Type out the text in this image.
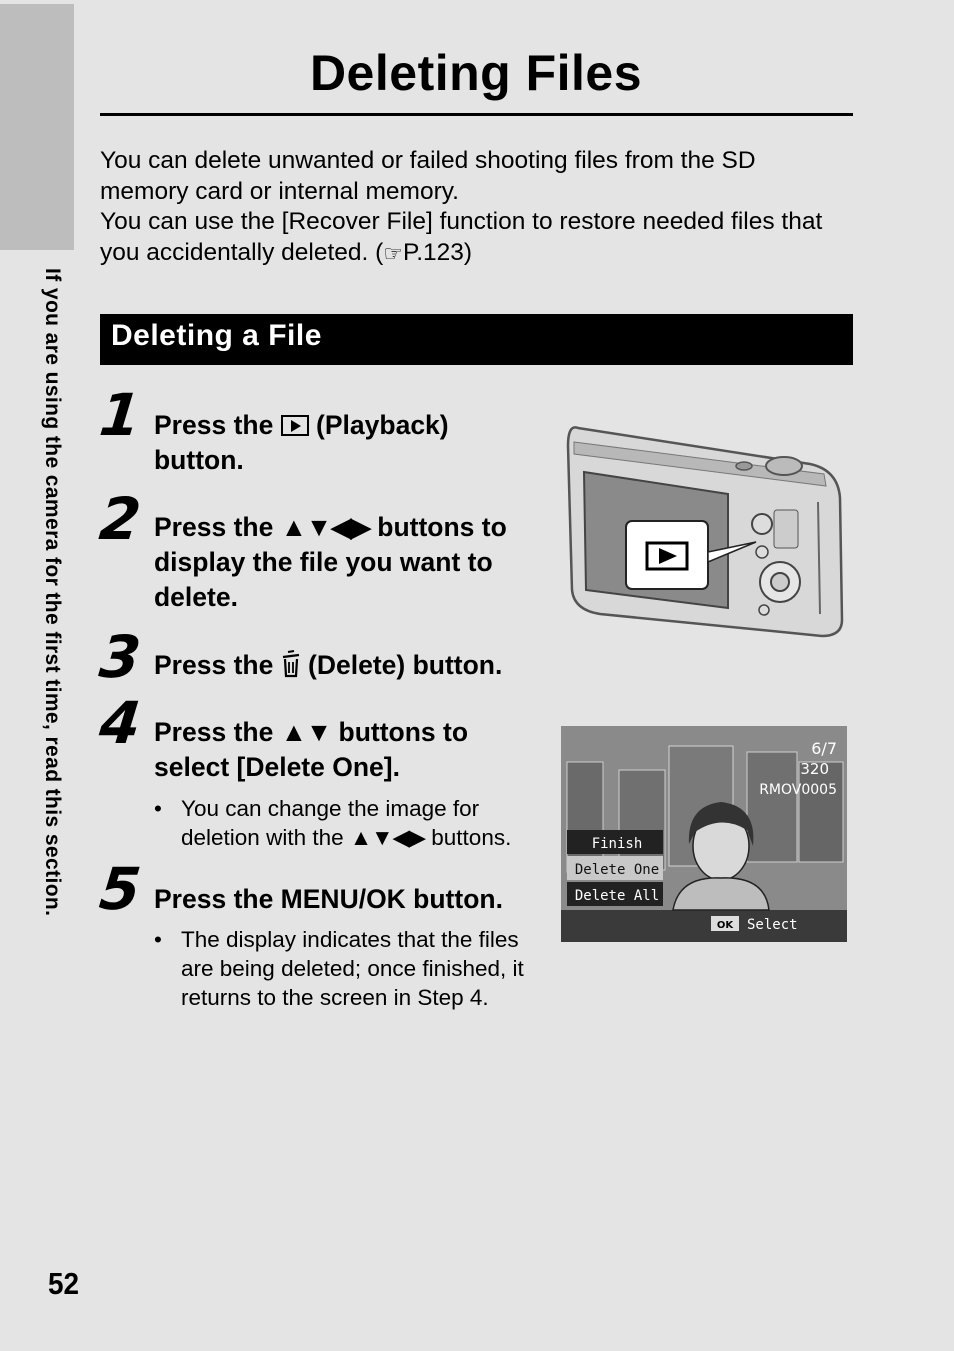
If you are using the camera for the first time, read this section.
Deleting Files

You can delete unwanted or failed shooting files from the SD

memory card or internal memory.

You can use the [Recover File] function to restore needed files that

you accidentally deleted. (☞P.123)

Deleting a File
1 Press the  (Playback)

button.

2 Press the ▲▼◀▶ buttons to

display the file you want to

delete.

3 Press the  (Delete) button.

4 Press the ▲▼ buttons to

select [Delete One].

• You can change the image for
deletion with the ▲▼◀▶ buttons.
5 Press the MENU/OK button.
• The display indicates that the files
are being deleted; once finished, it
returns to the screen in Step 4.
Finish
Delete One
Delete All
6/7
320
RMOV0005
OK Select
52
